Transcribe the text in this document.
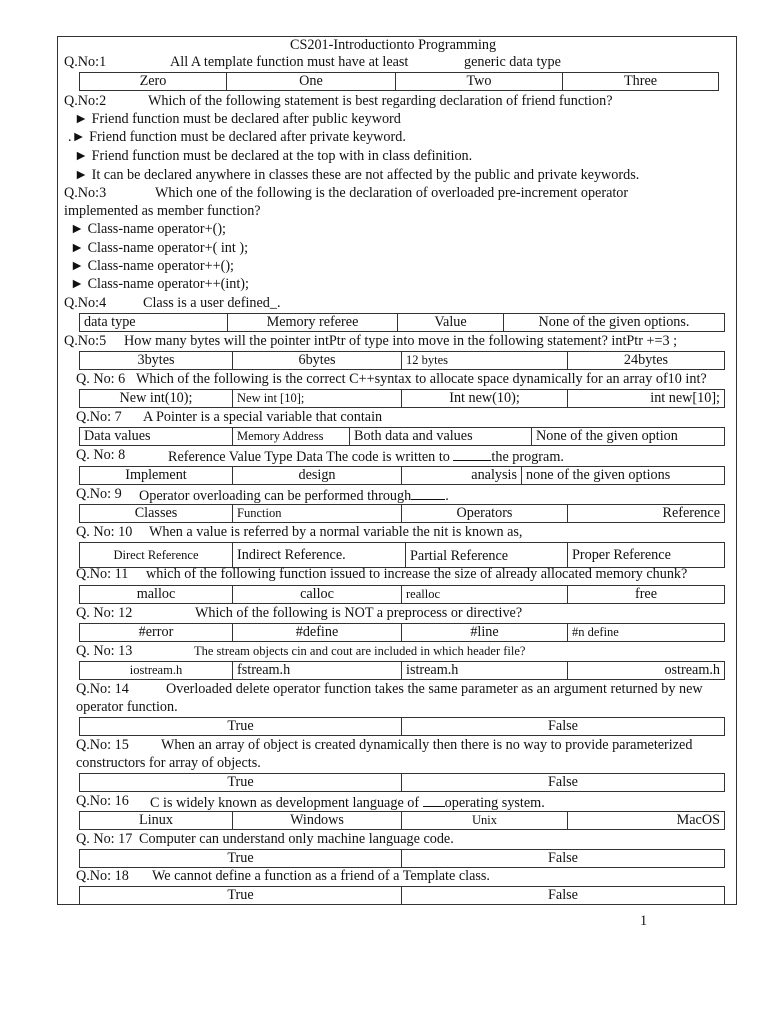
CS201-Introductionto Programming
Q.No:1	All A template function must have at least	generic data type
Zero	One	Two	Three
Q.No:2	Which of the following statement is best regarding declaration of friend function?
► Friend function must be declared after public keyword
.► Friend function must be declared after private keyword.
► Friend function must be declared at the top with in class definition.
► It can be declared anywhere in classes these are not affected by the public and private keywords.
Q.No:3	Which one of the following is the declaration of overloaded pre-increment operator
implemented as member function?
► Class-name operator+();
► Class-name operator+( int );
► Class-name operator++();
► Class-name operator++(int);
Q.No:4	Class is a user defined_.
data type	Memory referee	Value	None of the given options.
Q.No:5 How many bytes will the pointer intPtr of type into move in the following statement? intPtr +=3 ;
3bytes	6bytes	12 bytes	24bytes
Q. No: 6 Which of the following is the correct C++syntax to allocate space dynamically for an array of10 int?
New int(10);	New int [10];	Int new(10);	int new[10];
Q.No: 7 A Pointer is a special variable that contain
Data values	Memory Address	Both data and values	None of the given option
Q. No: 8	Reference Value Type Data The code is written to	the program.
Implement	design	analysis	none of the given options
Q.No: 9 Operator overloading can be performed through .
Classes	Function	Operators	Reference
Q. No: 10 When a value is referred by a normal variable the nit is known as,
Direct Reference	Indirect Reference.	Partial Reference	Proper Reference
Q.No: 11 which of the following function issued to increase the size of already allocated memory chunk?
malloc	calloc	realloc	free
Q. No: 12	Which of the following is NOT a preprocess or directive?
#error	#define	#line	#n define
Q. No: 13	The stream objects cin and cout are included in which header file?
iostream.h	fstream.h	istream.h	ostream.h
Q.No: 14	Overloaded delete operator function takes the same parameter as an argument returned by new
operator function.
True	False
Q.No: 15 When an array of object is created dynamically then there is no way to provide parameterized
constructors for array of objects.
True	False
Q.No: 16 C is widely known as development language of operating system.
Linux	Windows	Unix	MacOS
Q. No: 17 Computer can understand only machine language code.
True	False
Q.No: 18 We cannot define a function as a friend of a Template class.
True	False
1
